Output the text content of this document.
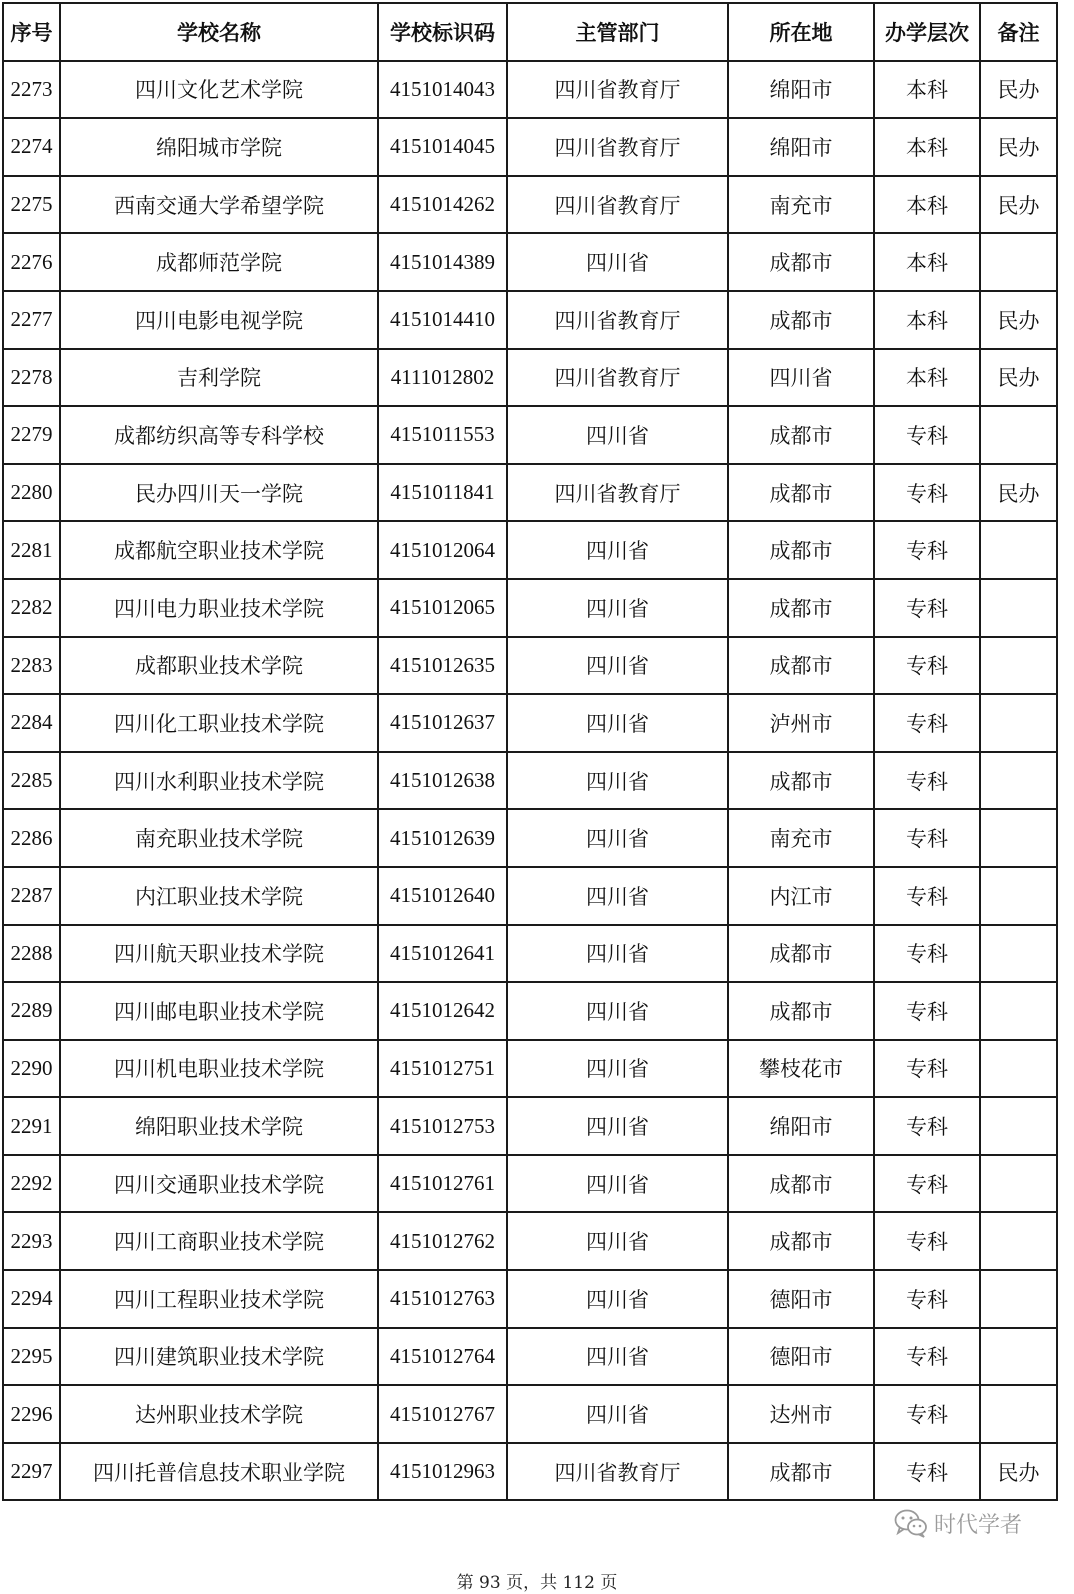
序号	学校名称	学校标识码	主管部门	所在地	办学层次	备注
2273	四川文化艺术学院	4151014043	四川省教育厅	绵阳市	本科	民办
2274	绵阳城市学院	4151014045	四川省教育厅	绵阳市	本科	民办
2275	西南交通大学希望学院	4151014262	四川省教育厅	南充市	本科	民办
2276	成都师范学院	4151014389	四川省	成都市	本科	
2277	四川电影电视学院	4151014410	四川省教育厅	成都市	本科	民办
2278	吉利学院	4111012802	四川省教育厅	四川省	本科	民办
2279	成都纺织高等专科学校	4151011553	四川省	成都市	专科	
2280	民办四川天一学院	4151011841	四川省教育厅	成都市	专科	民办
2281	成都航空职业技术学院	4151012064	四川省	成都市	专科	
2282	四川电力职业技术学院	4151012065	四川省	成都市	专科	
2283	成都职业技术学院	4151012635	四川省	成都市	专科	
2284	四川化工职业技术学院	4151012637	四川省	泸州市	专科	
2285	四川水利职业技术学院	4151012638	四川省	成都市	专科	
2286	南充职业技术学院	4151012639	四川省	南充市	专科	
2287	内江职业技术学院	4151012640	四川省	内江市	专科	
2288	四川航天职业技术学院	4151012641	四川省	成都市	专科	
2289	四川邮电职业技术学院	4151012642	四川省	成都市	专科	
2290	四川机电职业技术学院	4151012751	四川省	攀枝花市	专科	
2291	绵阳职业技术学院	4151012753	四川省	绵阳市	专科	
2292	四川交通职业技术学院	4151012761	四川省	成都市	专科	
2293	四川工商职业技术学院	4151012762	四川省	成都市	专科	
2294	四川工程职业技术学院	4151012763	四川省	德阳市	专科	
2295	四川建筑职业技术学院	4151012764	四川省	德阳市	专科	
2296	达州职业技术学院	4151012767	四川省	达州市	专科	
2297	四川托普信息技术职业学院	4151012963	四川省教育厅	成都市	专科	民办
时代学者
第 93 页，共 112 页
